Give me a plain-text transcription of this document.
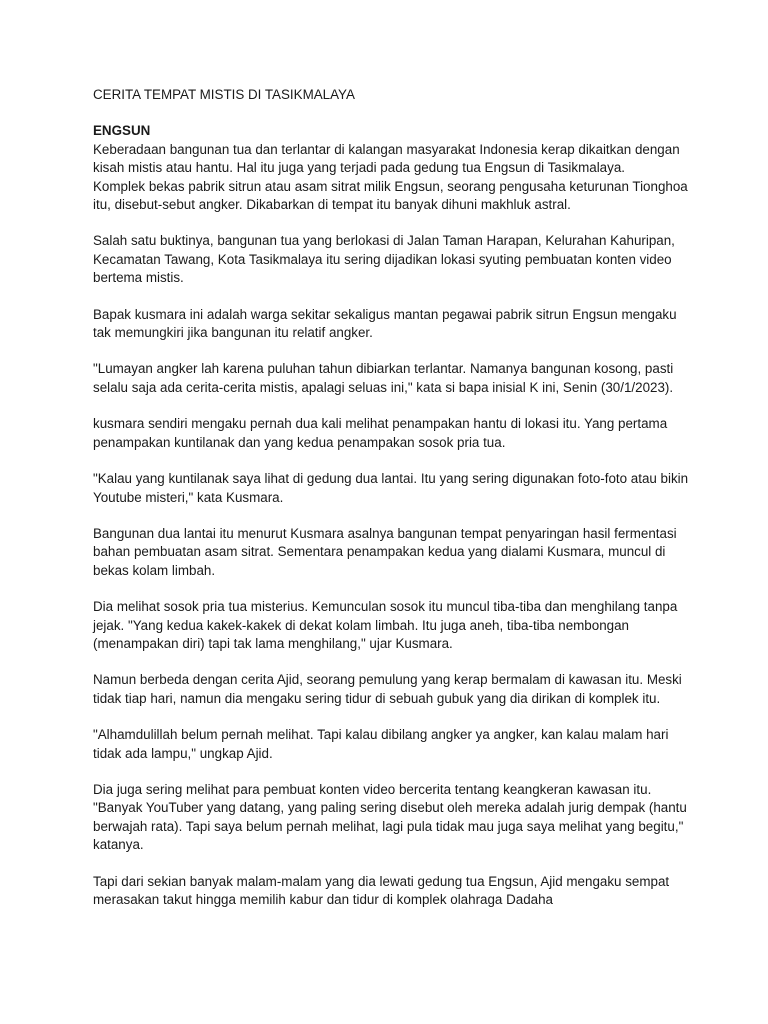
CERITA TEMPAT MISTIS DI TASIKMALAYA

ENGSUN

Keberadaan bangunan tua dan terlantar di kalangan masyarakat Indonesia kerap dikaitkan dengan kisah mistis atau hantu. Hal itu juga yang terjadi pada gedung tua Engsun di Tasikmalaya.

Komplek bekas pabrik sitrun atau asam sitrat milik Engsun, seorang pengusaha keturunan Tionghoa itu, disebut-sebut angker. Dikabarkan di tempat itu banyak dihuni makhluk astral.

Salah satu buktinya, bangunan tua yang berlokasi di Jalan Taman Harapan, Kelurahan Kahuripan, Kecamatan Tawang, Kota Tasikmalaya itu sering dijadikan lokasi syuting pembuatan konten video bertema mistis.

Bapak kusmara ini adalah warga sekitar sekaligus mantan pegawai pabrik sitrun Engsun mengaku tak memungkiri jika bangunan itu relatif angker.

"Lumayan angker lah karena puluhan tahun dibiarkan terlantar. Namanya bangunan kosong, pasti selalu saja ada cerita-cerita mistis, apalagi seluas ini," kata si bapa inisial K ini, Senin (30/1/2023).

kusmara sendiri mengaku pernah dua kali melihat penampakan hantu di lokasi itu. Yang pertama penampakan kuntilanak dan yang kedua penampakan sosok pria tua.

"Kalau yang kuntilanak saya lihat di gedung dua lantai. Itu yang sering digunakan foto-foto atau bikin Youtube misteri," kata Kusmara.

Bangunan dua lantai itu menurut Kusmara asalnya bangunan tempat penyaringan hasil fermentasi bahan pembuatan asam sitrat. Sementara penampakan kedua yang dialami Kusmara, muncul di bekas kolam limbah.

Dia melihat sosok pria tua misterius. Kemunculan sosok itu muncul tiba-tiba dan menghilang tanpa jejak. "Yang kedua kakek-kakek di dekat kolam limbah. Itu juga aneh, tiba-tiba nembongan (menampakan diri) tapi tak lama menghilang," ujar Kusmara.

Namun berbeda dengan cerita Ajid, seorang pemulung yang kerap bermalam di kawasan itu. Meski tidak tiap hari, namun dia mengaku sering tidur di sebuah gubuk yang dia dirikan di komplek itu.

"Alhamdulillah belum pernah melihat. Tapi kalau dibilang angker ya angker, kan kalau malam hari tidak ada lampu," ungkap Ajid.

Dia juga sering melihat para pembuat konten video bercerita tentang keangkeran kawasan itu. "Banyak YouTuber yang datang, yang paling sering disebut oleh mereka adalah jurig dempak (hantu berwajah rata). Tapi saya belum pernah melihat, lagi pula tidak mau juga saya melihat yang begitu," katanya.

Tapi dari sekian banyak malam-malam yang dia lewati gedung tua Engsun, Ajid mengaku sempat merasakan takut hingga memilih kabur dan tidur di komplek olahraga Dadaha
